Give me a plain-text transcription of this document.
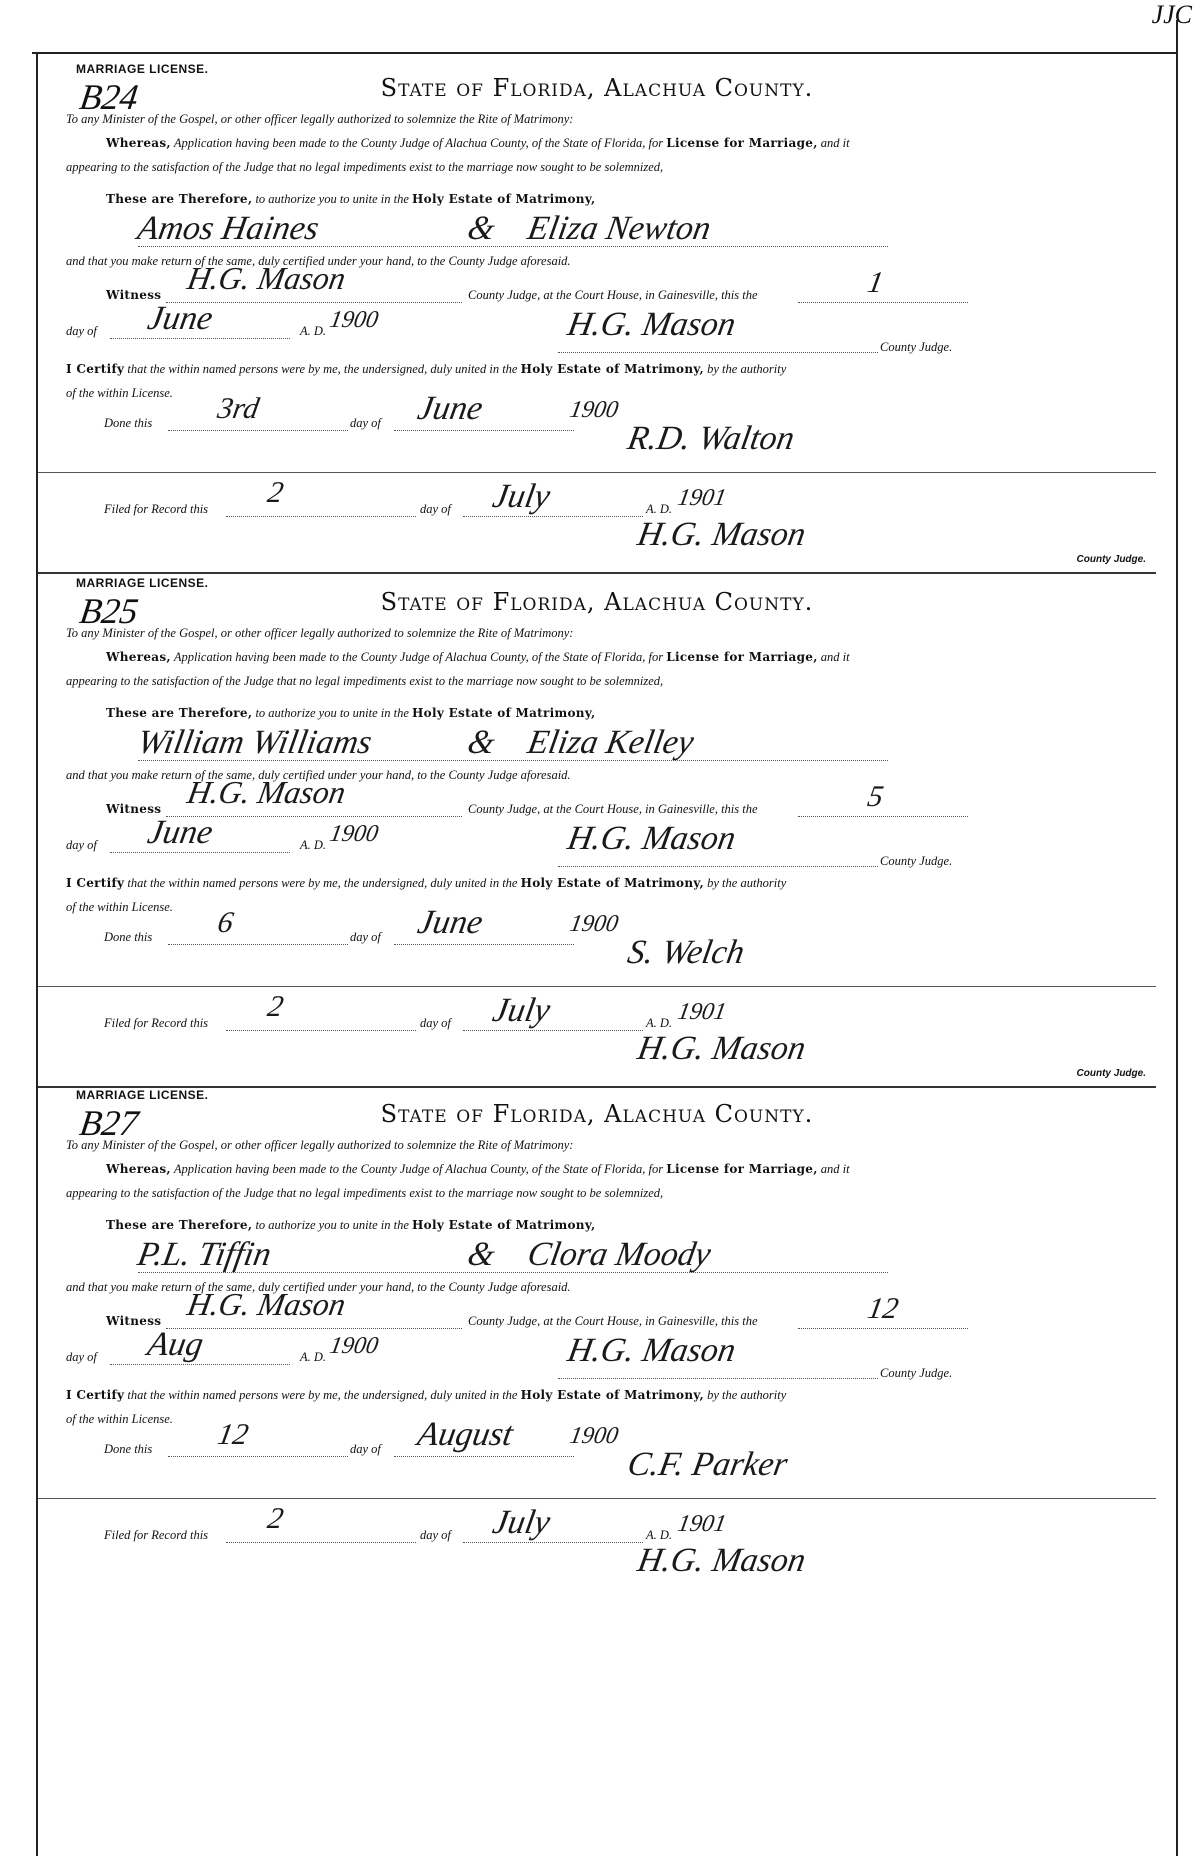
JJC
MARRIAGE LICENSE.
B24	State of Florida, Alachua County.
To any Minister of the Gospel, or other officer legally authorized to solemnize the Rite of Matrimony:
Whereas, Application having been made to the County Judge of Alachua County, of the State of Florida, for License for Marriage, and it
appearing to the satisfaction of the Judge that no legal impediments exist to the marriage now sought to be solemnized,
These are Therefore, to authorize you to unite in the Holy Estate of Matrimony,
Amos Haines	& Eliza Newton
and that you make return of the same, duly certified under your hand, to the County Judge aforesaid.
Witness H.G. Mason	County Judge, at the Court House, in Gainesville, this the	1
day of June	A. D. 1900	H.G. Mason
County Judge.
I Certify that the within named persons were by me, the undersigned, duly united in the Holy Estate of Matrimony, by the authority
of the within License.
Done this 3rd	day of June	1900
R.D. Walton
Filed for Record this 2	day of July	A. D. 1901
H.G. Mason
County Judge.
MARRIAGE LICENSE.
B25	State of Florida, Alachua County.
To any Minister of the Gospel, or other officer legally authorized to solemnize the Rite of Matrimony:
Whereas, Application having been made to the County Judge of Alachua County, of the State of Florida, for License for Marriage, and it
appearing to the satisfaction of the Judge that no legal impediments exist to the marriage now sought to be solemnized,
These are Therefore, to authorize you to unite in the Holy Estate of Matrimony,
William Williams	& Eliza Kelley
and that you make return of the same, duly certified under your hand, to the County Judge aforesaid.
Witness H.G. Mason	County Judge, at the Court House, in Gainesville, this the	5
day of June	A. D. 1900	H.G. Mason
County Judge.
I Certify that the within named persons were by me, the undersigned, duly united in the Holy Estate of Matrimony, by the authority
of the within License.
Done this 6	day of June	1900
S. Welch
Filed for Record this 2	day of July	A. D. 1901
H.G. Mason
County Judge.
MARRIAGE LICENSE.
B27	State of Florida, Alachua County.
To any Minister of the Gospel, or other officer legally authorized to solemnize the Rite of Matrimony:
Whereas, Application having been made to the County Judge of Alachua County, of the State of Florida, for License for Marriage, and it
appearing to the satisfaction of the Judge that no legal impediments exist to the marriage now sought to be solemnized,
These are Therefore, to authorize you to unite in the Holy Estate of Matrimony,
P.L. Tiffin	& Clora Moody
and that you make return of the same, duly certified under your hand, to the County Judge aforesaid.
Witness H.G. Mason	County Judge, at the Court House, in Gainesville, this the	12
day of Aug	A. D. 1900	H.G. Mason
County Judge.
I Certify that the within named persons were by me, the undersigned, duly united in the Holy Estate of Matrimony, by the authority
of the within License.
Done this 12	day of August 1900
C.F. Parker
Filed for Record this 2	day of July	A. D. 1901
H.G. Mason
